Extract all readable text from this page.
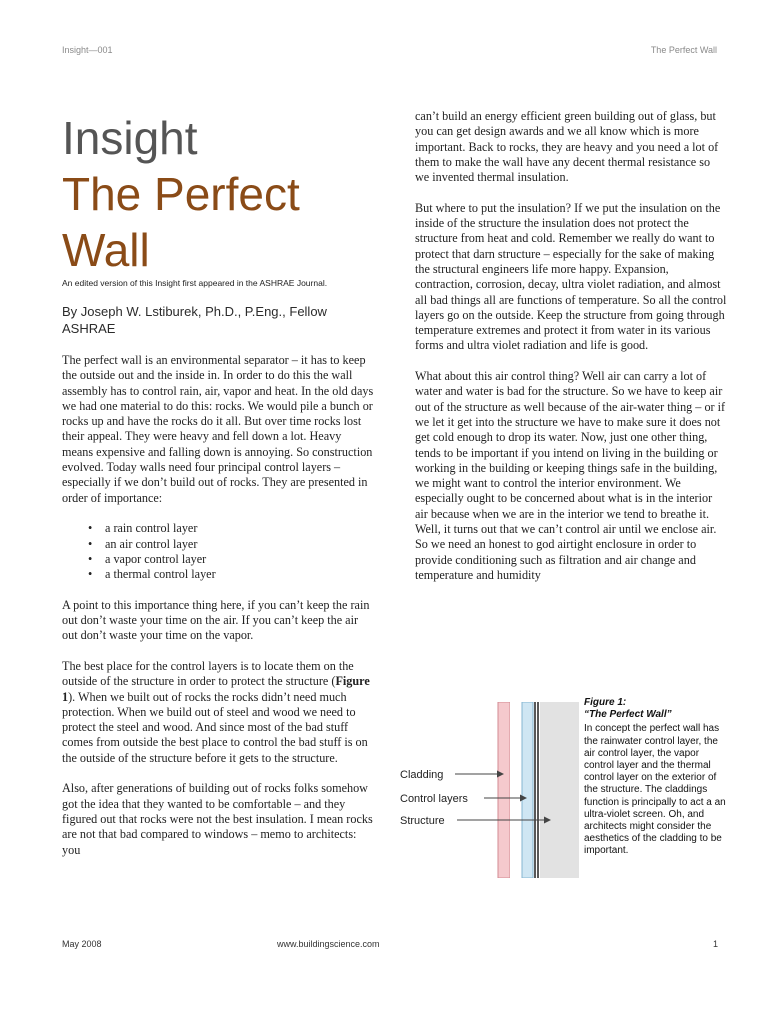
Insight—001	The Perfect Wall
Insight
The Perfect
Wall
An edited version of this Insight first appeared in the ASHRAE Journal.
By Joseph W. Lstiburek, Ph.D., P.Eng., Fellow ASHRAE

The perfect wall is an environmental separator – it has to keep the outside out and the inside in. In order to do this the wall assembly has to control rain, air, vapor and heat. In the old days we had one material to do this: rocks. We would pile a bunch or rocks up and have the rocks do it all. But over time rocks lost their appeal. They were heavy and fell down a lot. Heavy means expensive and falling down is annoying. So construction evolved. Today walls need four principal control layers – especially if we don’t build out of rocks. They are presented in order of importance:

• a rain control layer
• an air control layer
• a vapor control layer
• a thermal control layer

A point to this importance thing here, if you can’t keep the rain out don’t waste your time on the air. If you can’t keep the air out don’t waste your time on the vapor.

The best place for the control layers is to locate them on the outside of the structure in order to protect the structure (Figure 1). When we built out of rocks the rocks didn’t need much protection. When we build out of steel and wood we need to protect the steel and wood. And since most of the bad stuff comes from outside the best place to control the bad stuff is on the outside of the structure before it gets to the structure.

Also, after generations of building out of rocks folks somehow got the idea that they wanted to be comfortable – and they figured out that rocks were not the best insulation. I mean rocks are not that bad compared to windows – memo to architects: you

can’t build an energy efficient green building out of glass, but you can get design awards and we all know which is more important. Back to rocks, they are heavy and you need a lot of them to make the wall have any decent thermal resistance so we invented thermal insulation.

But where to put the insulation? If we put the insulation on the inside of the structure the insulation does not protect the structure from heat and cold. Remember we really do want to protect that darn structure – especially for the sake of making the structural engineers life more happy. Expansion, contraction, corrosion, decay, ultra violet radiation, and almost all bad things all are functions of temperature. So all the control layers go on the outside. Keep the structure from going through temperature extremes and protect it from water in its various forms and ultra violet radiation and life is good.

What about this air control thing? Well air can carry a lot of water and water is bad for the structure. So we have to keep air out of the structure as well because of the air-water thing – or if we let it get into the structure we have to make sure it does not get cold enough to drop its water. Now, just one other thing, tends to be important if you intend on living in the building or working in the building or keeping things safe in the building, we might want to control the interior environment. We especially ought to be concerned about what is in the interior air because when we are in the interior we tend to breathe it. Well, it turns out that we can’t control air until we enclose air. So we need an honest to god airtight enclosure in order to provide conditioning such as filtration and air change and temperature and humidity

Cladding
Control layers
Structure
Figure 1:
“The Perfect Wall”
In concept the perfect wall has the rainwater control layer, the air control layer, the vapor control layer and the thermal control layer on the exterior of the structure. The claddings function is principally to act a an ultra-violet screen. Oh, and architects might consider the aesthetics of the cladding to be important.
May 2008	www.buildingscience.com	1
